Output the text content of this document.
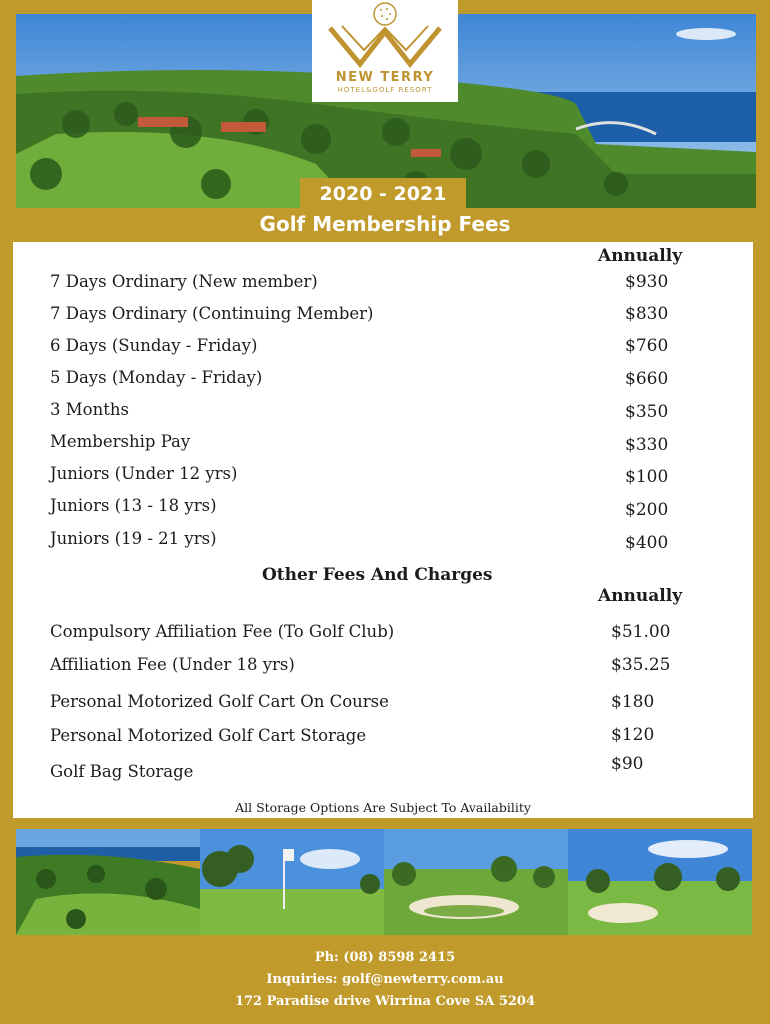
NEW TERRY
HOTEL&GOLF RESORT
2020 - 2021
Golf Membership Fees
Annually
7 Days Ordinary (New member)	$930
7 Days Ordinary (Continuing Member)	$830
6 Days (Sunday - Friday)	$760
5 Days (Monday - Friday)	$660
3 Months	$350
Membership Pay	$330
Juniors (Under 12 yrs)	$100
Juniors (13 - 18 yrs)	$200
Juniors (19 - 21 yrs)	$400
Other Fees And Charges
Annually
Compulsory Affiliation Fee (To Golf Club)	$51.00
Affiliation Fee (Under 18 yrs)	$35.25
Personal Motorized Golf Cart On Course	$180
Personal Motorized Golf Cart Storage	$120
Golf Bag Storage	$90
All Storage Options Are Subject To Availability
Ph: (08) 8598 2415
Inquiries: golf@newterry.com.au
172 Paradise drive Wirrina Cove SA 5204
